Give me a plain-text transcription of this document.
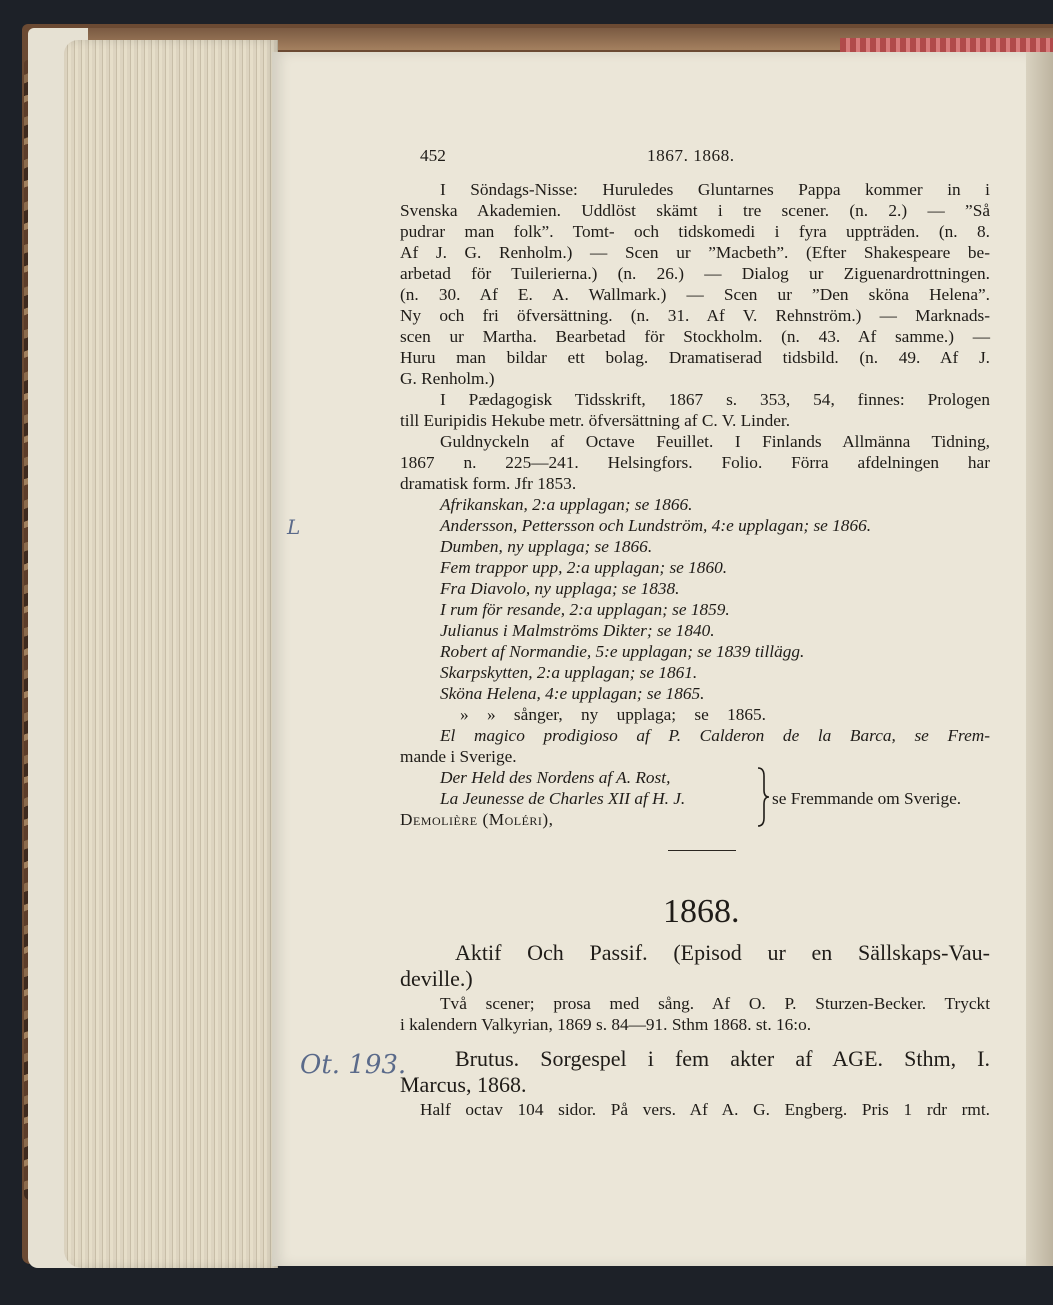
452	1867. 1868.
I Söndags-Nisse: Huruledes Gluntarnes Pappa kommer in i
Svenska Akademien. Uddlöst skämt i tre scener. (n. 2.) — ”Så
pudrar man folk”. Tomt- och tidskomedi i fyra uppträden. (n. 8.
Af J. G. Renholm.) — Scen ur ”Macbeth”. (Efter Shakespeare be-
arbetad för Tuilerierna.) (n. 26.) — Dialog ur Ziguenardrottningen.
(n. 30. Af E. A. Wallmark.) — Scen ur ”Den sköna Helena”.
Ny och fri öfversättning. (n. 31. Af V. Rehnström.) — Marknads-
scen ur Martha. Bearbetad för Stockholm. (n. 43. Af samme.) —
Huru man bildar ett bolag. Dramatiserad tidsbild. (n. 49. Af J.
G. Renholm.)
I Pædagogisk Tidsskrift, 1867 s. 353, 54, finnes: Prologen
till Euripidis Hekube metr. öfversättning af C. V. Linder.
Guldnyckeln af Octave Feuillet. I Finlands Allmänna Tidning,
1867 n. 225—241. Helsingfors. Folio. Förra afdelningen har
dramatisk form. Jfr 1853.
Afrikanskan, 2:a upplagan; se 1866.
Andersson, Pettersson och Lundström, 4:e upplagan; se 1866.
Dumben, ny upplaga; se 1866.
Fem trappor upp, 2:a upplagan; se 1860.
Fra Diavolo, ny upplaga; se 1838.
I rum för resande, 2:a upplagan; se 1859.
Julianus i Malmströms Dikter; se 1840.
Robert af Normandie, 5:e upplagan; se 1839 tillägg.
Skarpskytten, 2:a upplagan; se 1861.
Sköna Helena, 4:e upplagan; se 1865.
» » sånger, ny upplaga; se 1865.
El magico prodigioso af P. Calderon de la Barca, se Frem-
mande i Sverige.
Der Held des Nordens af A. Rost,
La Jeunesse de Charles XII af H. J.
Demolière (Moléri),
se Fremmande om Sverige.
1868.
Aktif Och Passif. (Episod ur en Sällskaps-Vau-
deville.)
Två scener; prosa med sång. Af O. P. Sturzen-Becker. Tryckt
i kalendern Valkyrian, 1869 s. 84—91. Sthm 1868. st. 16:o.
Brutus. Sorgespel i fem akter af AGE. Sthm, I.
Marcus, 1868.
Half octav 104 sidor. På vers. Af A. G. Engberg. Pris 1 rdr rmt.
L
Ot. 193.
